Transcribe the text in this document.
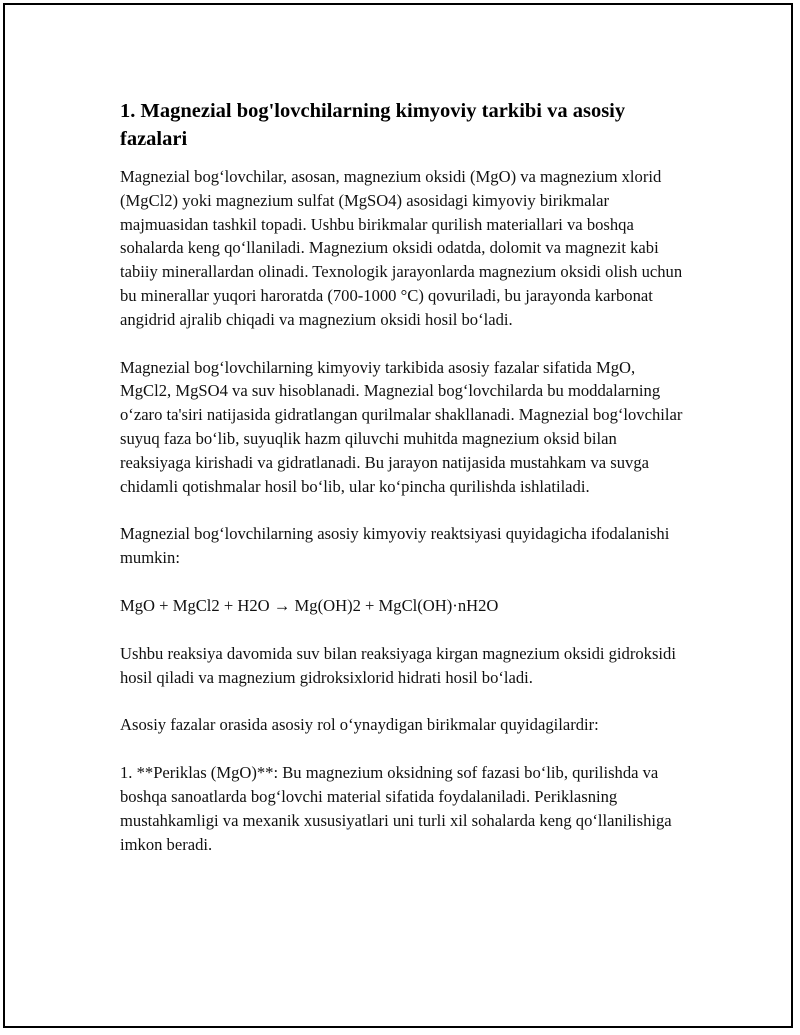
1. Magnezial bog'lovchilarning kimyoviy tarkibi va asosiy fazalari

Magnezial bog‘lovchilar, asosan, magnezium oksidi (MgO) va magnezium xlorid (MgCl2) yoki magnezium sulfat (MgSO4) asosidagi kimyoviy birikmalar majmuasidan tashkil topadi. Ushbu birikmalar qurilish materiallari va boshqa sohalarda keng qo‘llaniladi. Magnezium oksidi odatda, dolomit va magnezit kabi tabiiy minerallardan olinadi. Texnologik jarayonlarda magnezium oksidi olish uchun bu minerallar yuqori haroratda (700-1000 °C) qovuriladi, bu jarayonda karbonat angidrid ajralib chiqadi va magnezium oksidi hosil bo‘ladi.

Magnezial bog‘lovchilarning kimyoviy tarkibida asosiy fazalar sifatida MgO, MgCl2, MgSO4 va suv hisoblanadi. Magnezial bog‘lovchilarda bu moddalarning o‘zaro ta'siri natijasida gidratlangan qurilmalar shakllanadi. Magnezial bog‘lovchilar suyuq faza bo‘lib, suyuqlik hazm qiluvchi muhitda magnezium oksid bilan reaksiyaga kirishadi va gidratlanadi. Bu jarayon natijasida mustahkam va suvga chidamli qotishmalar hosil bo‘lib, ular ko‘pincha qurilishda ishlatiladi.

Magnezial bog‘lovchilarning asosiy kimyoviy reaktsiyasi quyidagicha ifodalanishi mumkin:

MgO + MgCl2 + H2O → Mg(OH)2 + MgCl(OH)·nH2O

Ushbu reaksiya davomida suv bilan reaksiyaga kirgan magnezium oksidi gidroksidi hosil qiladi va magnezium gidroksixlorid hidrati hosil bo‘ladi.

Asosiy fazalar orasida asosiy rol o‘ynaydigan birikmalar quyidagilardir:

1. **Periklas (MgO)**: Bu magnezium oksidning sof fazasi bo‘lib, qurilishda va boshqa sanoatlarda bog‘lovchi material sifatida foydalaniladi. Periklasning mustahkamligi va mexanik xususiyatlari uni turli xil sohalarda keng qo‘llanilishiga imkon beradi.
